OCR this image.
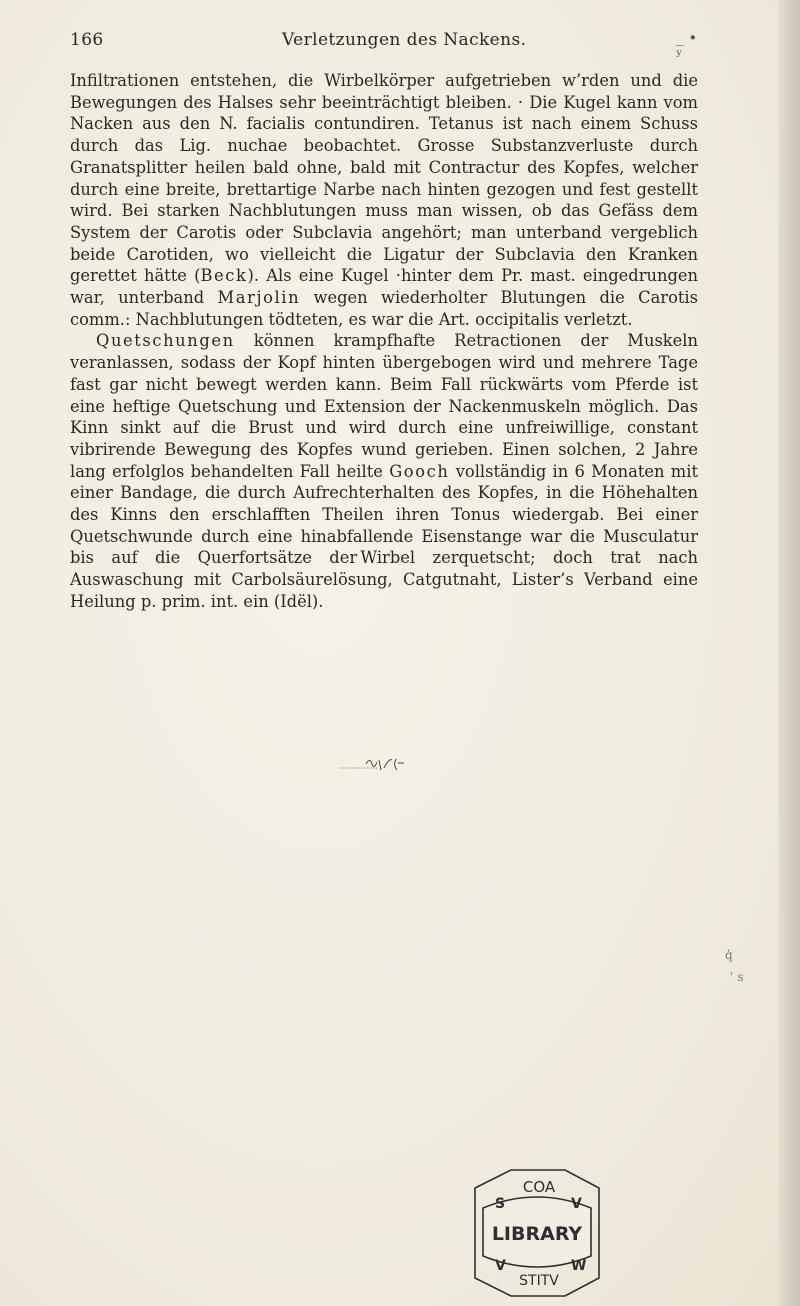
166	Verletzungen des Nackens.	_ ∙ ʸ

Infiltrationen entstehen, die Wirbelkörper aufgetrieben w’rden und die Bewegungen des Halses sehr beeinträchtigt bleiben. · Die Kugel kann vom Nacken aus den N. facialis contundiren. Tetanus ist nach einem Schuss durch das Lig. nuchae beobachtet. Grosse Substanzverluste durch Granatsplitter heilen bald ohne, bald mit Contractur des Kopfes, welcher durch eine breite, brettartige Narbe nach hinten gezogen und fest gestellt wird. Bei starken Nachblutungen muss man wissen, ob das Gefäss dem System der Carotis oder Subclavia angehört; man unterband vergeblich beide Carotiden, wo vielleicht die Ligatur der Subclavia den Kranken gerettet hätte (Beck). Als eine Kugel ·hinter dem Pr. mast. eingedrungen war, unterband Marjolin wegen wiederholter Blutungen die Carotis comm.: Nachblutungen tödteten, es war die Art. occipitalis verletzt.

Quetschungen können krampfhafte Retractionen der Muskeln veranlassen, sodass der Kopf hinten übergebogen wird und mehrere Tage fast gar nicht bewegt werden kann. Beim Fall rückwärts vom Pferde ist eine heftige Quetschung und Extension der Nackenmuskeln möglich. Das Kinn sinkt auf die Brust und wird durch eine unfreiwillige, constant vibrirende Bewegung des Kopfes wund gerieben. Einen solchen, 2 Jahre lang erfolglos behandelten Fall heilte Gooch vollständig in 6 Monaten mit einer Bandage, die durch Aufrechterhalten des Kopfes, in die Höhehalten des Kinns den erschlafften Theilen ihren Tonus wiedergab. Bei einer Quetschwunde durch eine hinabfallende Eisenstange war die Musculatur bis auf die Querfortsätze der Wirbel zerquetscht; doch trat nach Auswaschung mit Carbolsäurelösung, Catgutnaht, Lister’s Verband eine Heilung p. prim. int. ein (Idël).

q̓
ʾ s
LIBRARY
COA
STITV
S	V
V	W
